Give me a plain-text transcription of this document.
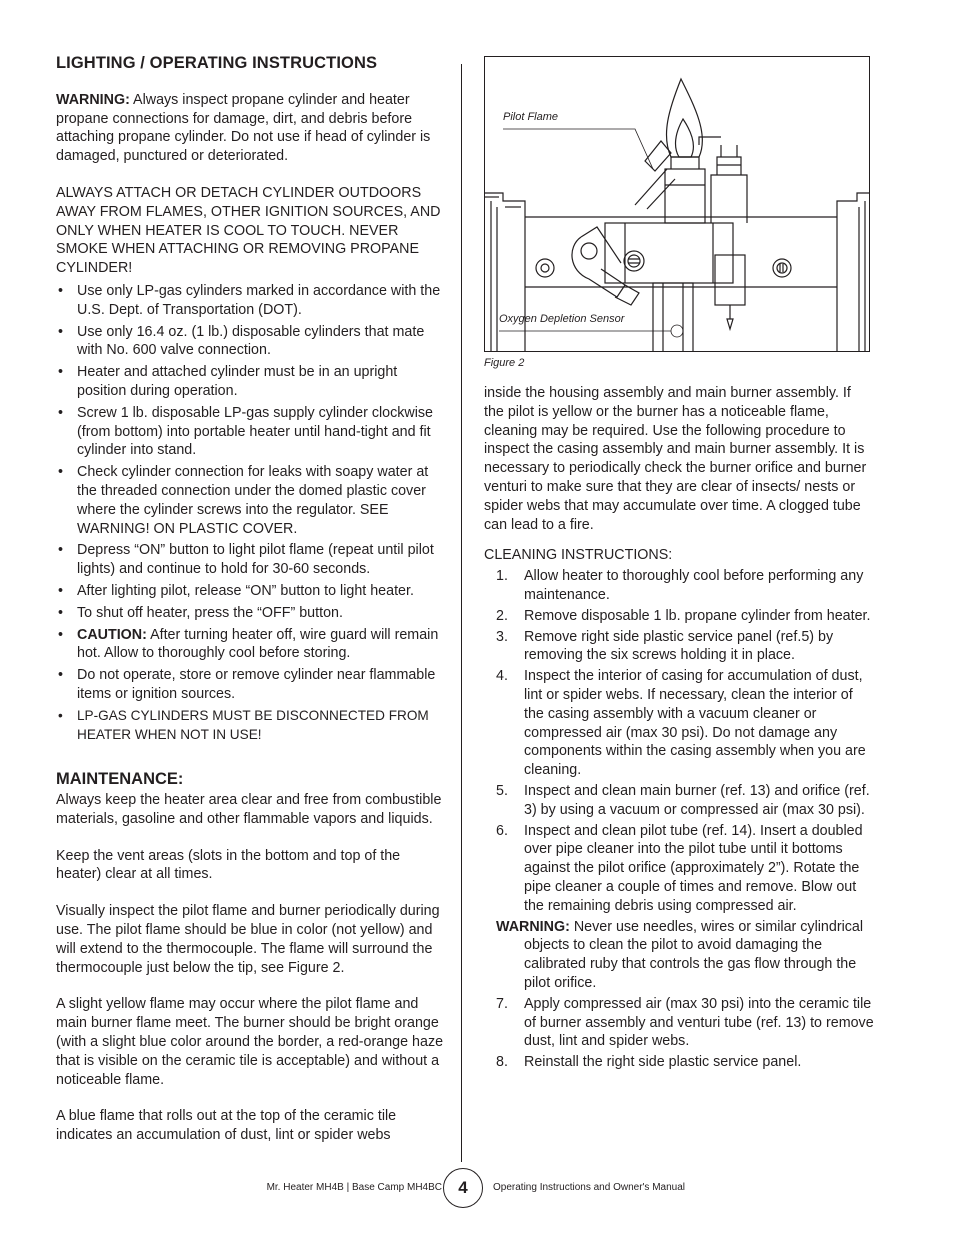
LIGHTING / OPERATING INSTRUCTIONS

WARNING: Always inspect propane cylinder and heater propane connections for damage, dirt, and debris before attaching propane cylinder. Do not use if head of cylinder is damaged, punctured or deteriorated.

ALWAYS ATTACH OR DETACH CYLINDER OUTDOORS AWAY FROM FLAMES, OTHER IGNITION SOURCES, AND ONLY WHEN HEATER IS COOL TO TOUCH. NEVER SMOKE WHEN ATTACHING OR REMOVING PROPANE CYLINDER!

• Use only LP-gas cylinders marked in accordance with the U.S. Dept. of Transportation (DOT).
• Use only 16.4 oz. (1 lb.) disposable cylinders that mate with No. 600 valve connection.
• Heater and attached cylinder must be in an upright position during operation.
• Screw 1 lb. disposable LP-gas supply cylinder clockwise (from bottom) into portable heater until hand-tight and fit cylinder into stand.
• Check cylinder connection for leaks with soapy water at the threaded connection under the domed plastic cover where the cylinder screws into the regulator. SEE WARNING! ON PLASTIC COVER.
• Depress “ON” button to light pilot flame (repeat until pilot lights) and continue to hold for 30-60 seconds.
• After lighting pilot, release “ON” button to light heater.
• To shut off heater, press the “OFF” button.
• CAUTION: After turning heater off, wire guard will remain hot. Allow to thoroughly cool before storing.
• Do not operate, store or remove cylinder near flammable items or ignition sources.
• LP-GAS CYLINDERS MUST BE DISCONNECTED FROM HEATER WHEN NOT IN USE!
MAINTENANCE:

Always keep the heater area clear and free from combustible materials, gasoline and other flammable vapors and liquids.

Keep the vent areas (slots in the bottom and top of the heater) clear at all times.

Visually inspect the pilot flame and burner periodically during use. The pilot flame should be blue in color (not yellow) and will extend to the thermocouple. The flame will surround the thermocouple just below the tip, see Figure 2.

A slight yellow flame may occur where the pilot flame and main burner flame meet. The burner should be bright orange (with a slight blue color around the border, a red-orange haze that is visible on the ceramic tile is acceptable) and without a noticeable flame.

A blue flame that rolls out at the top of the ceramic tile indicates an accumulation of dust, lint or spider webs

Pilot Flame
Oxygen Depletion Sensor
Figure 2

inside the housing assembly and main burner assembly. If the pilot is yellow or the burner has a noticeable flame, cleaning may be required. Use the following procedure to inspect the casing assembly and main burner assembly. It is necessary to periodically check the burner orifice and burner venturi to make sure that they are clear of insects/ nests or spider webs that may accumulate over time. A clogged tube can lead to a fire.

CLEANING INSTRUCTIONS:
1. Allow heater to thoroughly cool before performing any maintenance.
2. Remove disposable 1 lb. propane cylinder from heater.
3. Remove right side plastic service panel (ref.5) by removing the six screws holding it in place.
4. Inspect the interior of casing for accumulation of dust, lint or spider webs. If necessary, clean the interior of the casing assembly with a vacuum cleaner or compressed air (max 30 psi). Do not damage any components within the casing assembly when you are cleaning.
5. Inspect and clean main burner (ref. 13) and orifice (ref. 3) by using a vacuum or compressed air (max 30 psi).
6. Inspect and clean pilot tube (ref. 14). Insert a doubled over pipe cleaner into the pilot tube until it bottoms against the pilot orifice (approximately 2”). Rotate the pipe cleaner a couple of times and remove. Blow out the remaining debris using compressed air.
WARNING: Never use needles, wires or similar cylindrical objects to clean the pilot to avoid damaging the calibrated ruby that controls the gas flow through the pilot orifice.
7. Apply compressed air (max 30 psi) into the ceramic tile of burner assembly and venturi tube (ref. 13) to remove dust, lint and spider webs.
8. Reinstall the right side plastic service panel.
Mr. Heater MH4B | Base Camp MH4BC 4	Operating Instructions and Owner's Manual
